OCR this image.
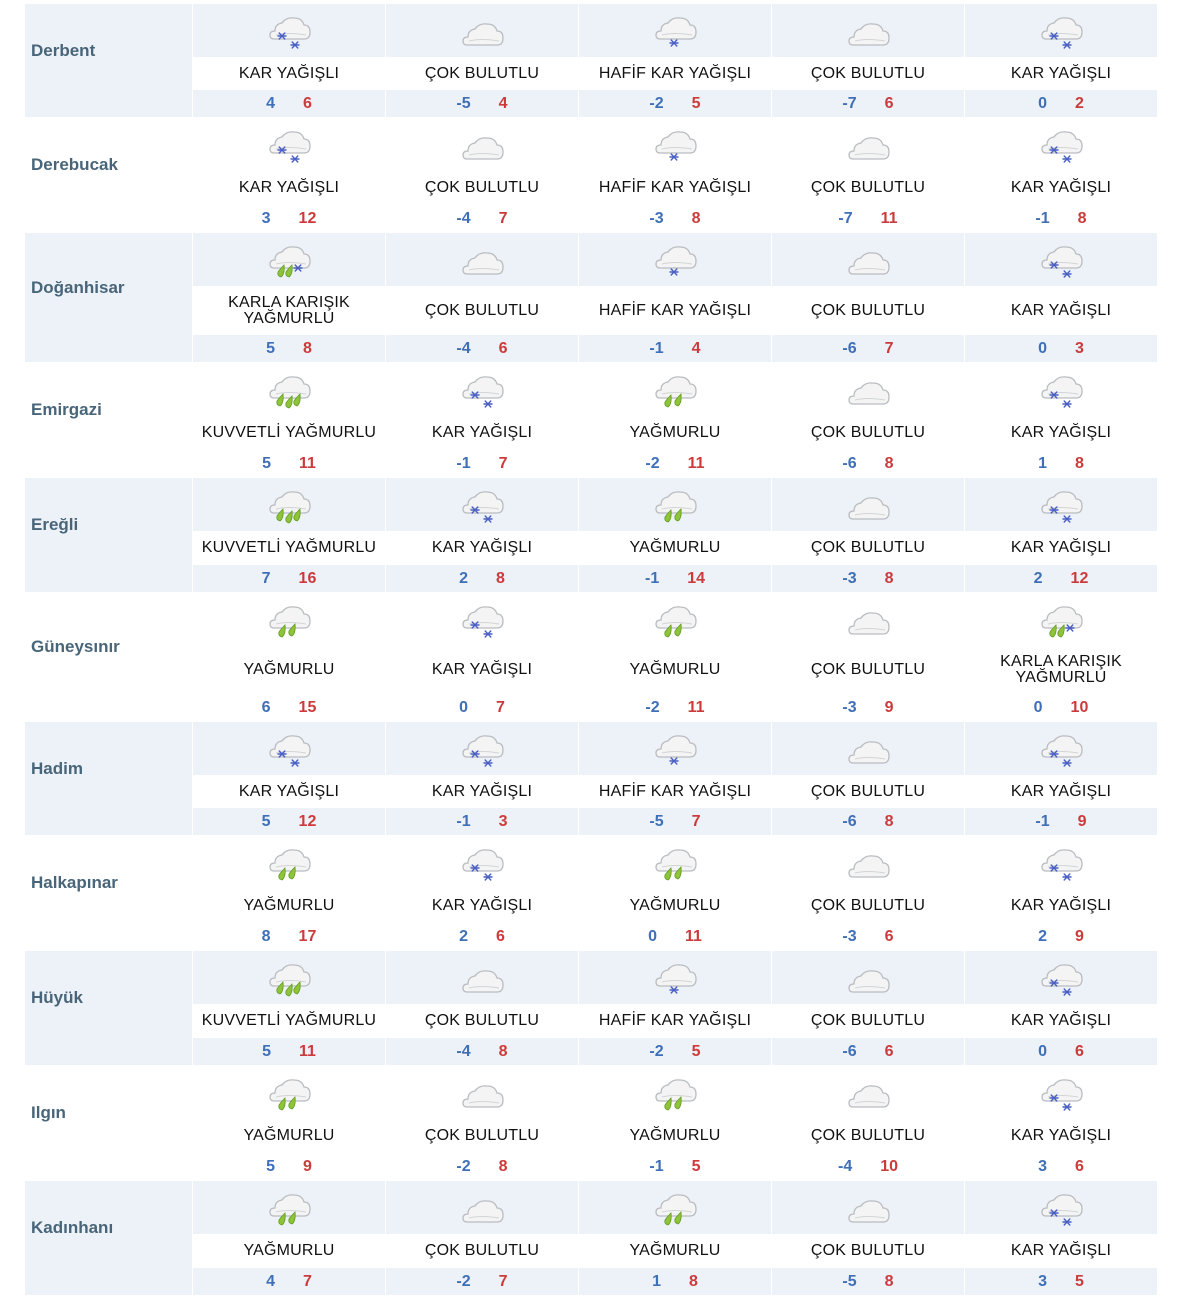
Derbent
KAR YAĞIŞLI
4 6
ÇOK BULUTLU
-5 4
HAFİF KAR YAĞIŞLI
-2 5
ÇOK BULUTLU
-7 6
KAR YAĞIŞLI
0 2
Derebucak
KAR YAĞIŞLI
3 12
ÇOK BULUTLU
-4 7
HAFİF KAR YAĞIŞLI
-3 8
ÇOK BULUTLU
-7 11
KAR YAĞIŞLI
-1 8
Doğanhisar
KARLA KARIŞIK YAĞMURLU
5 8
ÇOK BULUTLU
-4 6
HAFİF KAR YAĞIŞLI
-1 4
ÇOK BULUTLU
-6 7
KAR YAĞIŞLI
0 3
Emirgazi
KUVVETLİ YAĞMURLU
5 11
KAR YAĞIŞLI
-1 7
YAĞMURLU
-2 11
ÇOK BULUTLU
-6 8
KAR YAĞIŞLI
1 8
Ereğli
KUVVETLİ YAĞMURLU
7 16
KAR YAĞIŞLI
2 8
YAĞMURLU
-1 14
ÇOK BULUTLU
-3 8
KAR YAĞIŞLI
2 12
Güneysınır
YAĞMURLU
6 15
KAR YAĞIŞLI
0 7
YAĞMURLU
-2 11
ÇOK BULUTLU
-3 9
KARLA KARIŞIK YAĞMURLU
0 10
Hadim
KAR YAĞIŞLI
5 12
KAR YAĞIŞLI
-1 3
HAFİF KAR YAĞIŞLI
-5 7
ÇOK BULUTLU
-6 8
KAR YAĞIŞLI
-1 9
Halkapınar
YAĞMURLU
8 17
KAR YAĞIŞLI
2 6
YAĞMURLU
0 11
ÇOK BULUTLU
-3 6
KAR YAĞIŞLI
2 9
Hüyük
KUVVETLİ YAĞMURLU
5 11
ÇOK BULUTLU
-4 8
HAFİF KAR YAĞIŞLI
-2 5
ÇOK BULUTLU
-6 6
KAR YAĞIŞLI
0 6
Ilgın
YAĞMURLU
5 9
ÇOK BULUTLU
-2 8
YAĞMURLU
-1 5
ÇOK BULUTLU
-4 10
KAR YAĞIŞLI
3 6
Kadınhanı
YAĞMURLU
4 7
ÇOK BULUTLU
-2 7
YAĞMURLU
1 8
ÇOK BULUTLU
-5 8
KAR YAĞIŞLI
3 5
